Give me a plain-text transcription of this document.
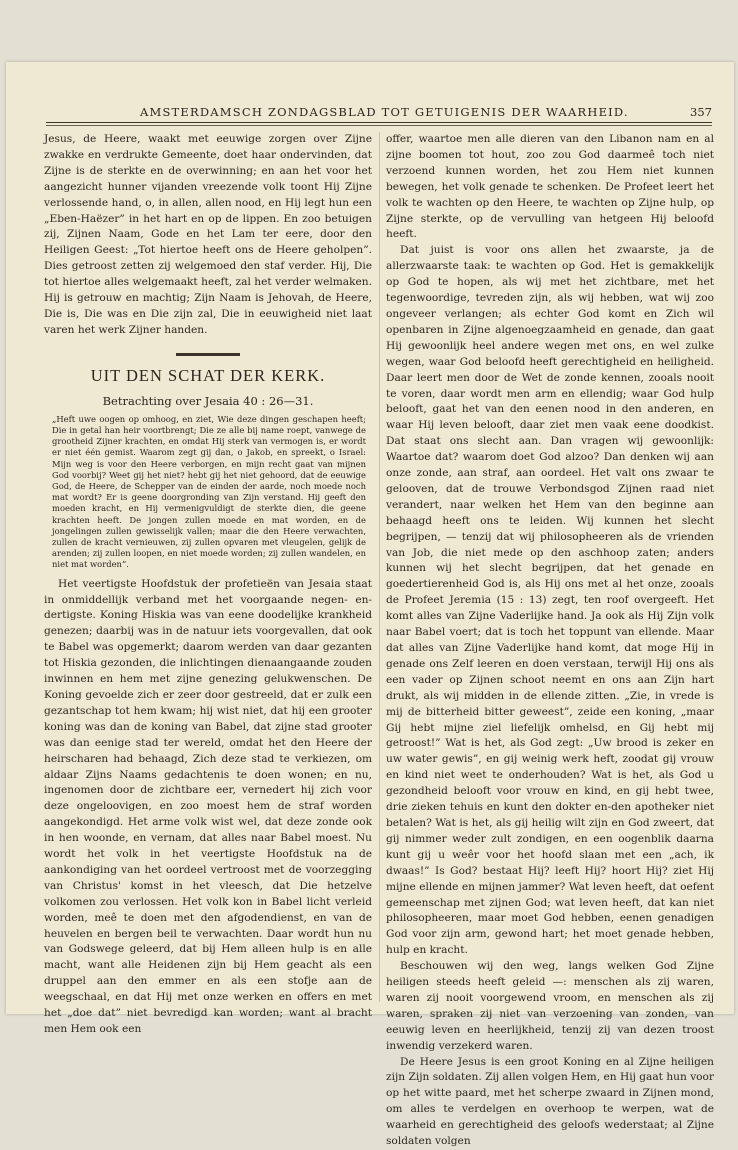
AMSTERDAMSCH ZONDAGSBLAD TOT GETUIGENIS DER WAARHEID.	357

Jesus, de Heere, waakt met eeuwige zorgen over Zijne zwakke en verdrukte Gemeente, doet haar ondervinden, dat Zijne is de sterkte en de overwinning; en aan het voor het aangezicht hunner vijanden vreezende volk toont Hij Zijne verlossende hand, o, in allen, allen nood, en Hij legt hun een „Eben-Haëzer” in het hart en op de lippen. En zoo betuigen zij, Zijnen Naam, Gode en het Lam ter eere, door den Heiligen Geest: „Tot hiertoe heeft ons de Heere geholpen”. Dies getroost zetten zij welgemoed den staf verder. Hij, Die tot hiertoe alles welgemaakt heeft, zal het verder welmaken. Hij is getrouw en machtig; Zijn Naam is Jehovah, de Heere, Die is, Die was en Die zijn zal, Die in eeuwigheid niet laat varen het werk Zijner handen.

UIT DEN SCHAT DER KERK.
Betrachting over Jesaia 40 : 26—31.
„Heft uwe oogen op omhoog, en ziet, Wie deze dingen geschapen heeft; Die in getal han heir voortbrengt; Die ze alle bij name roept, vanwege de grootheid Zijner krachten, en omdat Hij sterk van vermogen is, er wordt er niet één gemist. Waarom zegt gij dan, o Jakob, en spreekt, o Israel: Mijn weg is voor den Heere verborgen, en mijn recht gaat van mijnen God voorbij? Weet gij het niet? hebt gij het niet gehoord, dat de eeuwige God, de Heere, de Schepper van de einden der aarde, noch moede noch mat wordt? Er is geene doorgronding van Zijn verstand. Hij geeft den moeden kracht, en Hij vermenigvuldigt de sterkte dien, die geene krachten heeft. De jongen zullen moede en mat worden, en de jongelingen zullen gewisselijk vallen; maar die den Heere verwachten, zullen de kracht vernieuwen, zij zullen opvaren met vleugelen, gelijk de arenden; zij zullen loopen, en niet moede worden; zij zullen wandelen, en niet mat worden”.

Het veertigste Hoofdstuk der profetieën van Jesaia staat in onmiddellijk verband met het voorgaande negen- en- dertigste. Koning Hiskia was van eene doodelijke krankheid genezen; daarbij was in de natuur iets voorgevallen, dat ook te Babel was opgemerkt; daarom werden van daar gezanten tot Hiskia gezonden, die inlichtingen dienaangaande zouden inwinnen en hem met zijne genezing gelukwenschen. De Koning gevoelde zich er zeer door gestreeld, dat er zulk een gezantschap tot hem kwam; hij wist niet, dat hij een grooter koning was dan de koning van Babel, dat zijne stad grooter was dan eenige stad ter wereld, omdat het den Heere der heirscharen had behaagd, Zich deze stad te verkiezen, om aldaar Zijns Naams gedachtenis te doen wonen; en nu, ingenomen door de zichtbare eer, vernedert hij zich voor deze ongeloovigen, en zoo moest hem de straf worden aangekondigd. Het arme volk wist wel, dat deze zonde ook in hen woonde, en vernam, dat alles naar Babel moest. Nu wordt het volk in het veertigste Hoofdstuk na de aankondiging van het oordeel vertroost met de voorzegging van Christus' komst in het vleesch, dat Die hetzelve volkomen zou verlossen. Het volk kon in Babel licht verleid worden, meê te doen met den afgodendienst, en van de heuvelen en bergen beil te verwachten. Daar wordt hun nu van Godswege geleerd, dat bij Hem alleen hulp is en alle macht, want alle Heidenen zijn bij Hem geacht als een druppel aan den emmer en als een stofje aan de weegschaal, en dat Hij met onze werken en offers en met het „doe dat” niet bevredigd kan worden; want al bracht men Hem ook een

offer, waartoe men alle dieren van den Libanon nam en al zijne boomen tot hout, zoo zou God daarmeê toch niet verzoend kunnen worden, het zou Hem niet kunnen bewegen, het volk genade te schenken. De Profeet leert het volk te wachten op den Heere, te wachten op Zijne hulp, op Zijne sterkte, op de vervulling van hetgeen Hij beloofd heeft.

Dat juist is voor ons allen het zwaarste, ja de allerzwaarste taak: te wachten op God. Het is gemakkelijk op God te hopen, als wij met het zichtbare, met het tegenwoordige, tevreden zijn, als wij hebben, wat wij zoo ongeveer verlangen; als echter God komt en Zich wil openbaren in Zijne algenoegzaamheid en genade, dan gaat Hij gewoonlijk heel andere wegen met ons, en wel zulke wegen, waar God beloofd heeft gerechtigheid en heiligheid. Daar leert men door de Wet de zonde kennen, zooals nooit te voren, daar wordt men arm en ellendig; waar God hulp belooft, gaat het van den eenen nood in den anderen, en waar Hij leven belooft, daar ziet men vaak eene doodkist. Dat staat ons slecht aan. Dan vragen wij gewoonlijk: Waartoe dat? waarom doet God alzoo? Dan denken wij aan onze zonde, aan straf, aan oordeel. Het valt ons zwaar te gelooven, dat de trouwe Verbondsgod Zijnen raad niet verandert, naar welken het Hem van den beginne aan behaagd heeft ons te leiden. Wij kunnen het slecht begrijpen, — tenzij dat wij philosopheeren als de vrienden van Job, die niet mede op den aschhoop zaten; anders kunnen wij het slecht begrijpen, dat het genade en goedertierenheid God is, als Hij ons met al het onze, zooals de Profeet Jeremia (15 : 13) zegt, ten roof overgeeft. Het komt alles van Zijne Vaderlijke hand. Ja ook als Hij Zijn volk naar Babel voert; dat is toch het toppunt van ellende. Maar dat alles van Zijne Vaderlijke hand komt, dat moge Hij in genade ons Zelf leeren en doen verstaan, terwijl Hij ons als een vader op Zijnen schoot neemt en ons aan Zijn hart drukt, als wij midden in de ellende zitten. „Zie, in vrede is mij de bitterheid bitter geweest”, zeide een koning, „maar Gij hebt mijne ziel liefelijk omhelsd, en Gij hebt mij getroost!” Wat is het, als God zegt: „Uw brood is zeker en uw water gewis”, en gij weinig werk heft, zoodat gij vrouw en kind niet weet te onderhouden? Wat is het, als God u gezondheid belooft voor vrouw en kind, en gij hebt twee, drie zieken tehuis en kunt den dokter en-den apotheker niet betalen? Wat is het, als gij heilig wilt zijn en God zweert, dat gij nimmer weder zult zondigen, en een oogenblik daarna kunt gij u weêr voor het hoofd slaan met een „ach, ik dwaas!” Is God? bestaat Hij? leeft Hij? hoort Hij? ziet Hij mijne ellende en mijnen jammer? Wat leven heeft, dat oefent gemeenschap met zijnen God; wat leven heeft, dat kan niet philosopheeren, maar moet God hebben, eenen genadigen God voor zijn arm, gewond hart; het moet genade hebben, hulp en kracht.

Beschouwen wij den weg, langs welken God Zijne heiligen steeds heeft geleid —: menschen als zij waren, waren zij nooit voorgewend vroom, en menschen als zij waren, spraken zij niet van verzoening van zonden, van eeuwig leven en heerlijkheid, tenzij zij van dezen troost inwendig verzekerd waren.

De Heere Jesus is een groot Koning en al Zijne heiligen zijn Zijn soldaten. Zij allen volgen Hem, en Hij gaat hun voor op het witte paard, met het scherpe zwaard in Zijnen mond, om alles te verdelgen en overhoop te werpen, wat de waarheid en gerechtigheid des geloofs wederstaat; al Zijne soldaten volgen
